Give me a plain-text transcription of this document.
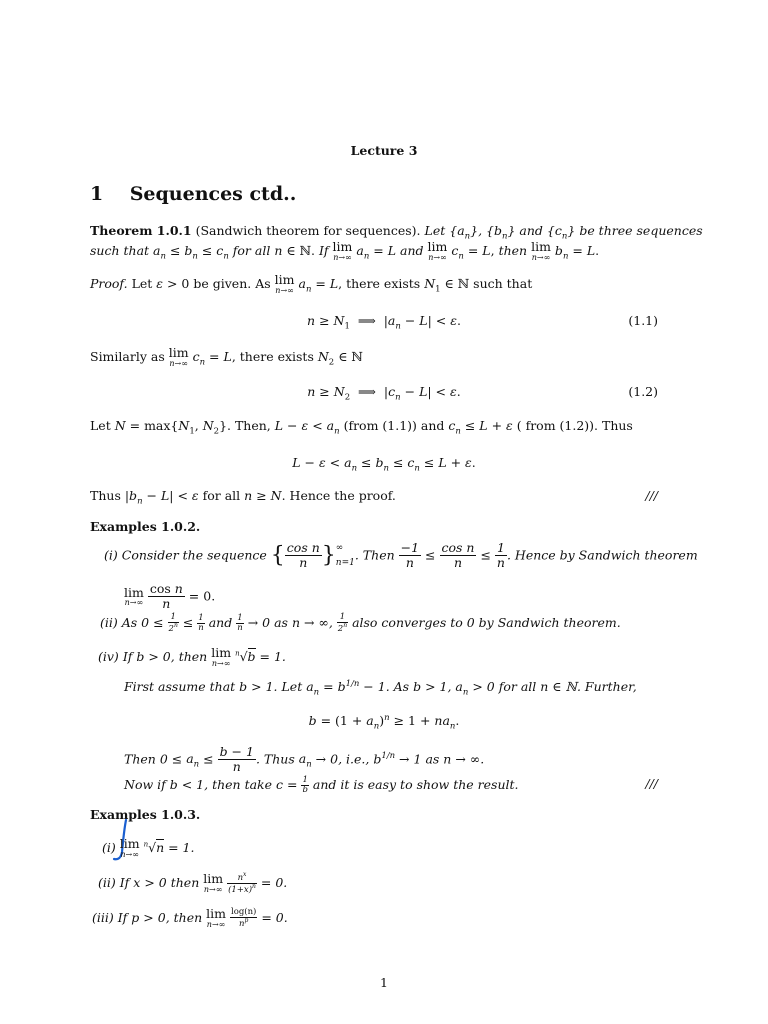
Lecture 3
1 Sequences ctd..
Theorem 1.0.1 (Sandwich theorem for sequences). Let $\{a_n\}$, $\{b_n\}$ and $\{c_n\}$ be three sequences
such that $a_n \le b_n \le c_n$ for all n ∈ ℕ. If lim
n→∞ $a_n = L$ and lim
n→∞ $c_n = L$, then lim
n→∞ $b_n = L$.
Proof. Let ε > 0 be given. As lim
n→∞ $a_n = L$, there exists $N_1$ ∈ ℕ such that
$n \ge N_1$  ⟹  $|a_n - L| < \varepsilon$.	(1.1)
Similarly as lim
n→∞ $c_n = L$, there exists $N_2$ ∈ ℕ
$n \ge N_2$  ⟹  $|c_n - L| < \varepsilon$.	(1.2)
Let $N = \max\{N_1$, $N_2$}. Then, $L - \varepsilon < a_n$ (from (1.1)) and $c_n \le L + \varepsilon$ ( from (1.2)). Thus
$L - \varepsilon < a_n \le b_n \le c_n \le L + \varepsilon$.
Thus $|b_n - L| < \varepsilon$ for all n ≥ N. Hence the proof.	///
Examples 1.0.2.
(i) Consider the sequence { $\frac{\text{cos n}}{n}$ }∞
n=1. Then $\frac{-1}{n} \le \frac{\text{cos n}}{n} \le \frac{1}{n}$ . Hence by Sandwich theorem
lim
n→∞
$\frac{\text{cos n}}{n} = 0$.
(ii) As $0 \le \frac{1}{2^n} \le \frac{1}{n}$ and $\frac{1}{n} \to 0$ as n → ∞, $\frac{1}{2^n}$ also converges to 0 by Sandwich theorem.
(iv) If b > 0, then lim
n→∞
$^n$√b = 1.
First assume that b > 1. Let $a_n = b^{1/n} - 1$. As b > 1, $a_n > 0$ for all n ∈ ℕ. Further,
$b = (1 + a_n)^n \ge 1 + na_n$.
Then $0 \le a_n \le \frac{b - 1}{n}$ . Thus $a_n \to 0$, i.e., $b^{1/n} \to 1$ as n → ∞.
Now if b < 1, then take $c = \frac{1}{b}$ and it is easy to show the result.	///
Examples 1.0.3.
(i) lim
n→∞
$^n$√n = 1.
(ii) If x > 0 then lim
n→∞
$\frac{n^x}{(1+x)^n} = 0$.
(iii) If p > 0, then lim
n→∞
$\frac{\log(n)}{n^p} = 0$.
1
